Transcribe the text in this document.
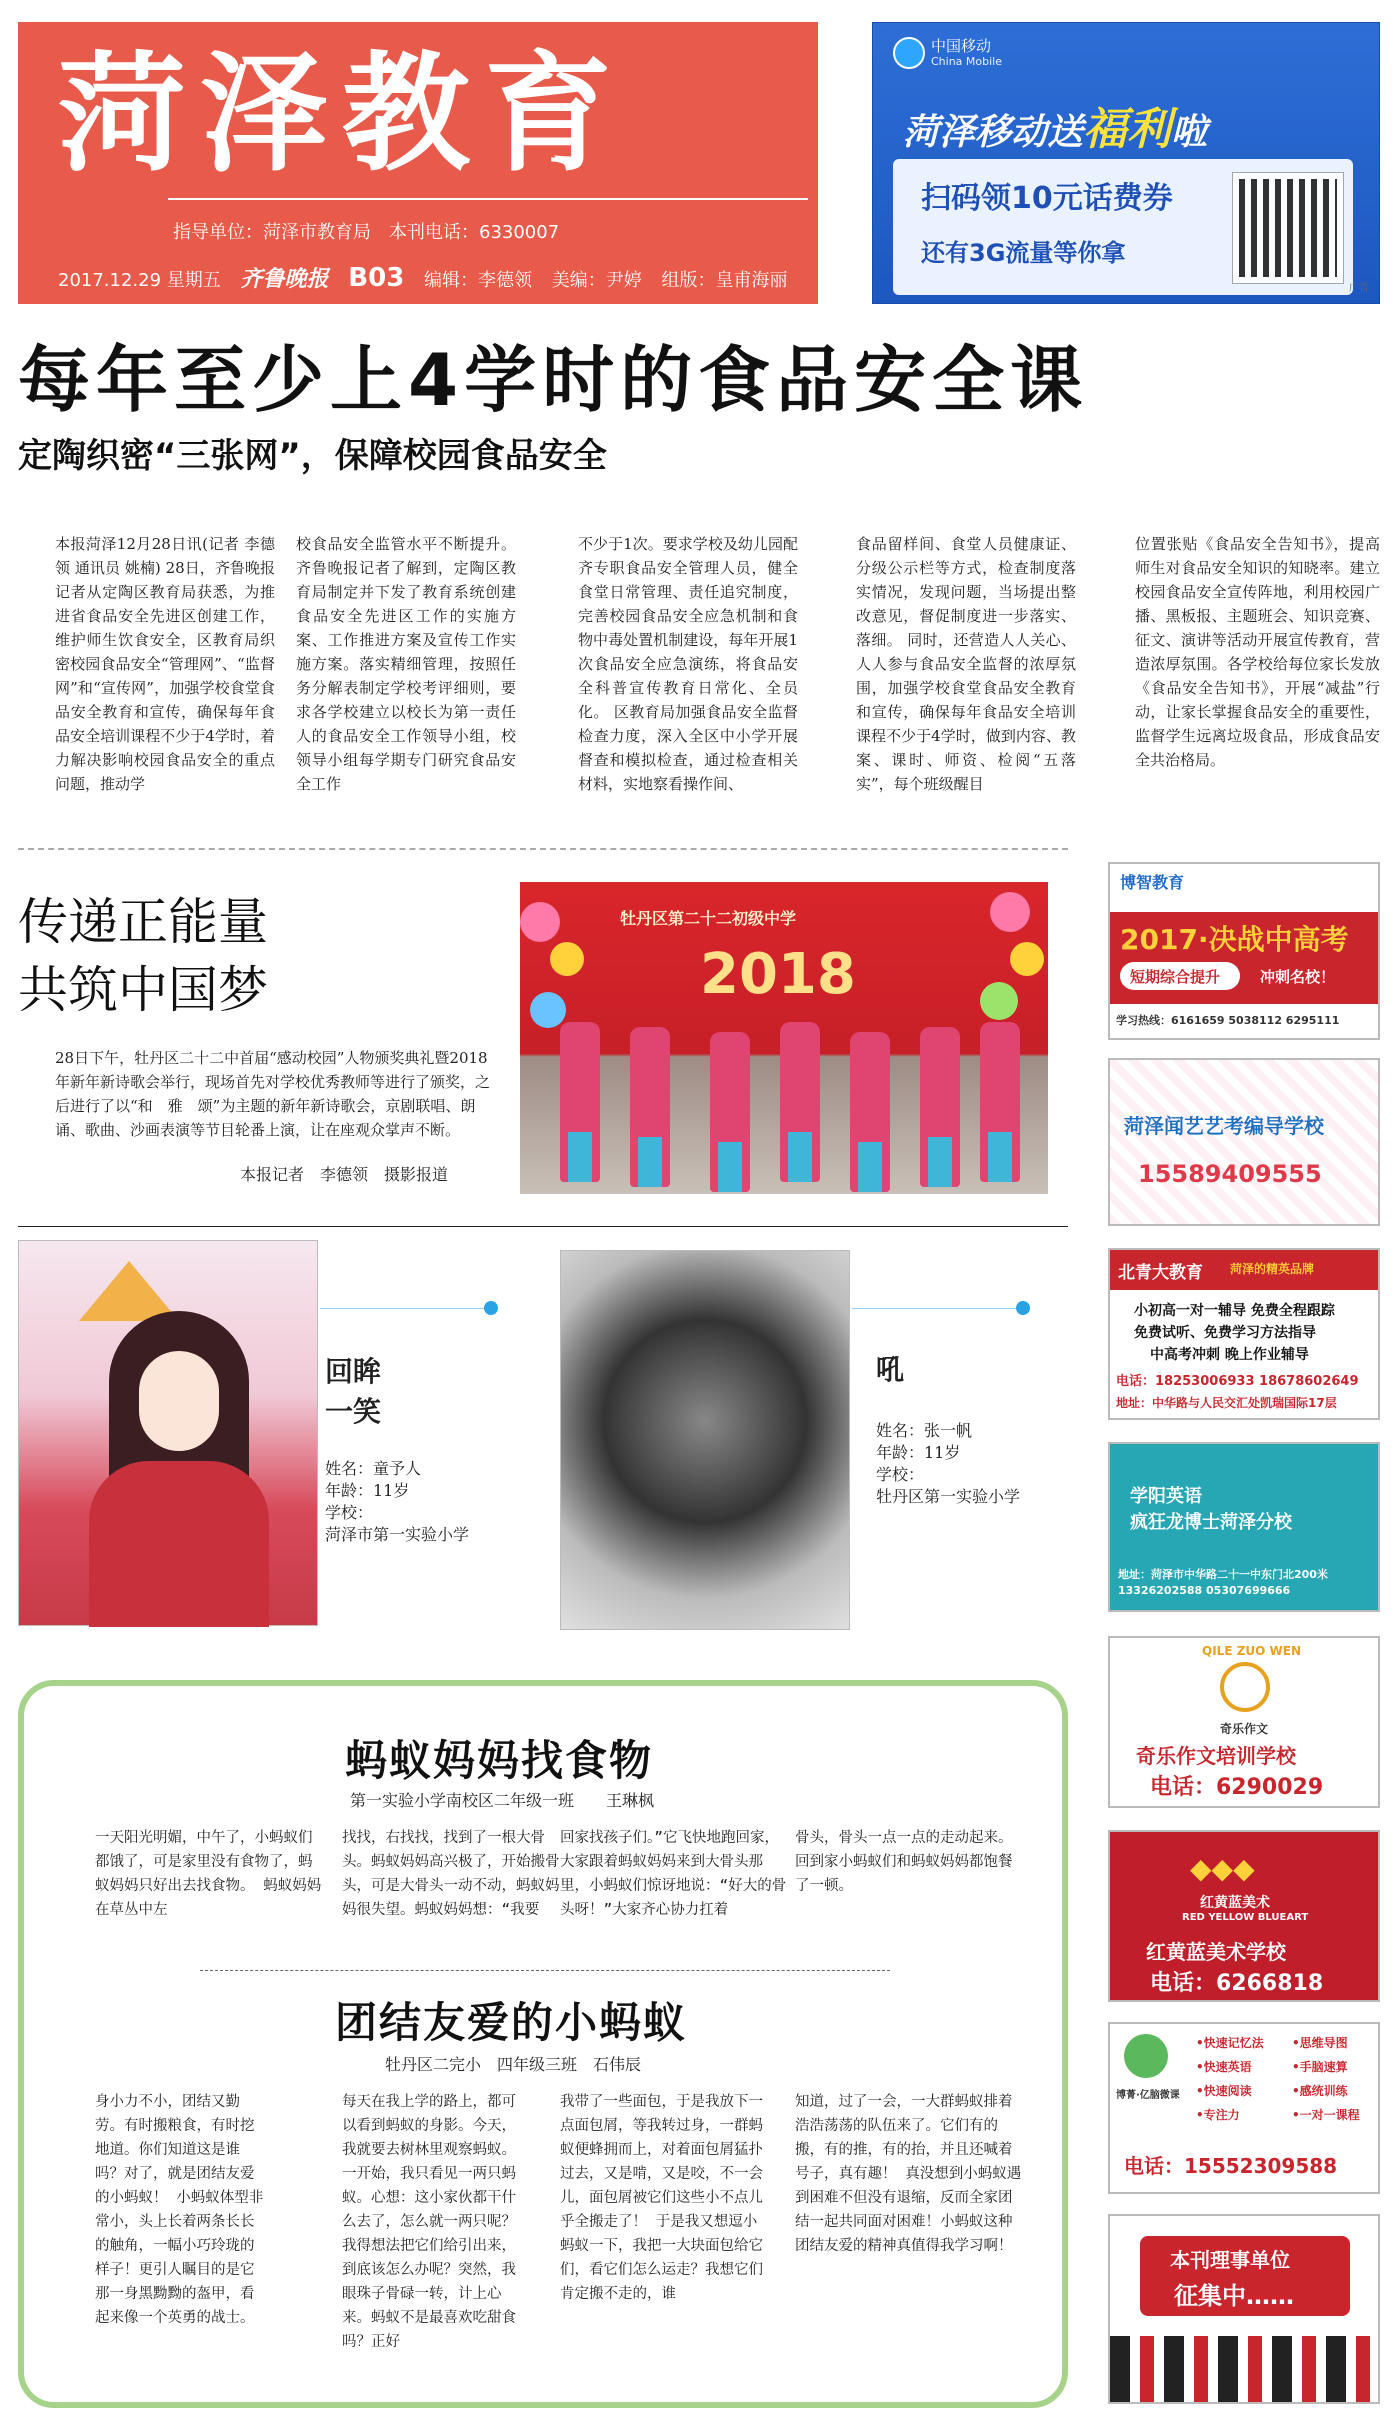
菏泽教育
指导单位：菏泽市教育局　本刊电话：6330007
2017.12.29 星期五 齐鲁晚报 B03 编辑：李德领 美编：尹婷 组版：皇甫海丽
中国移动
China Mobile
菏泽移动送福利啦
扫码领10元话费券
还有3G流量等你拿
广告
每年至少上4学时的食品安全课
定陶织密“三张网”，保障校园食品安全
本报菏泽12月28日讯(记者 李德领 通讯员 姚楠) 28日，齐鲁晚报记者从定陶区教育局获悉，为推进省食品安全先进区创建工作，维护师生饮食安全，区教育局织密校园食品安全“管理网”、“监督网”和“宣传网”，加强学校食堂食品安全教育和宣传，确保每年食品安全培训课程不少于4学时，着力解决影响校园食品安全的重点问题，推动学
校食品安全监管水平不断提升。 齐鲁晚报记者了解到，定陶区教育局制定并下发了教育系统创建食品安全先进区工作的实施方案、工作推进方案及宣传工作实施方案。落实精细管理，按照任务分解表制定学校考评细则，要求各学校建立以校长为第一责任人的食品安全工作领导小组，校领导小组每学期专门研究食品安全工作
不少于1次。要求学校及幼儿园配齐专职食品安全管理人员，健全食堂日常管理、责任追究制度，完善校园食品安全应急机制和食物中毒处置机制建设，每年开展1次食品安全应急演练，将食品安全科普宣传教育日常化、全员化。 区教育局加强食品安全监督检查力度，深入全区中小学开展督查和模拟检查，通过检查相关材料，实地察看操作间、
食品留样间、食堂人员健康证、分级公示栏等方式，检查制度落实情况，发现问题，当场提出整改意见，督促制度进一步落实、落细。 同时，还营造人人关心、人人参与食品安全监督的浓厚氛围，加强学校食堂食品安全教育和宣传，确保每年食品安全培训课程不少于4学时，做到内容、教案、课时、师资、检阅“五落实”，每个班级醒目
位置张贴《食品安全告知书》，提高师生对食品安全知识的知晓率。建立校园食品安全宣传阵地，利用校园广播、黑板报、主题班会、知识竞赛、征文、演讲等活动开展宣传教育，营造浓厚氛围。各学校给每位家长发放《食品安全告知书》，开展“减盐”行动，让家长掌握食品安全的重要性，监督学生远离垃圾食品，形成食品安全共治格局。
传递正能量
共筑中国梦
28日下午，牡丹区二十二中首届“感动校园”人物颁奖典礼暨2018年新年新诗歌会举行，现场首先对学校优秀教师等进行了颁奖，之后进行了以“和　雅　颂”为主题的新年新诗歌会，京剧联唱、朗诵、歌曲、沙画表演等节目轮番上演，让在座观众掌声不断。
本报记者　李德领　摄影报道
牡丹区第二十二初级中学
2018
回眸
一笑
姓名：童予人
年龄：11岁
学校：
菏泽市第一实验小学
吼
姓名：张一帆
年龄：11岁
学校：
牡丹区第一实验小学
蚂蚁妈妈找食物
第一实验小学南校区二年级一班　　王琳枫
一天阳光明媚，中午了，小蚂蚁们都饿了，可是家里没有食物了，蚂蚁妈妈只好出去找食物。 蚂蚁妈妈在草丛中左
找找，右找找，找到了一根大骨头。蚂蚁妈妈高兴极了，开始搬骨头，可是大骨头一动不动，蚂蚁妈妈很失望。蚂蚁妈妈想：“我要
回家找孩子们。”它飞快地跑回家，大家跟着蚂蚁妈妈来到大骨头那里，小蚂蚁们惊讶地说：“好大的骨头呀！”大家齐心协力扛着
骨头，骨头一点一点的走动起来。回到家小蚂蚁们和蚂蚁妈妈都饱餐了一顿。
团结友爱的小蚂蚁
牡丹区二完小　四年级三班　石伟辰
身小力不小，团结又勤劳。有时搬粮食，有时挖地道。你们知道这是谁吗？对了，就是团结友爱的小蚂蚁！ 小蚂蚁体型非常小，头上长着两条长长的触角，一幅小巧玲珑的样子！更引人瞩目的是它那一身黑黝黝的盔甲，看起来像一个英勇的战士。
每天在我上学的路上，都可以看到蚂蚁的身影。今天，我就要去树林里观察蚂蚁。一开始，我只看见一两只蚂蚁。心想：这小家伙都干什么去了，怎么就一两只呢？我得想法把它们给引出来，到底该怎么办呢？突然，我眼珠子骨碌一转，计上心来。蚂蚁不是最喜欢吃甜食吗？正好
我带了一些面包，于是我放下一点面包屑，等我转过身，一群蚂蚁便蜂拥而上，对着面包屑猛扑过去，又是啃，又是咬，不一会儿，面包屑被它们这些小不点儿乎全搬走了！ 于是我又想逗小蚂蚁一下，我把一大块面包给它们，看它们怎么运走？我想它们肯定搬不走的，谁
知道，过了一会，一大群蚂蚁排着浩浩荡荡的队伍来了。它们有的搬，有的推，有的抬，并且还喊着号子，真有趣！ 真没想到小蚂蚁遇到困难不但没有退缩，反而全家团结一起共同面对困难！小蚂蚁这种团结友爱的精神真值得我学习啊！
博智教育
2017·决战中高考
短期综合提升	冲刺名校！
学习热线：6161659 5038112 6295111
菏泽闻艺艺考编导学校
15589409555
北青大教育 菏泽的精英品牌
小初高一对一辅导 免费全程跟踪
免费试听、免费学习方法指导
中高考冲刺 晚上作业辅导
电话：18253006933 18678602649
地址：中华路与人民交汇处凯瑞国际17层
学阳英语
疯狂龙博士菏泽分校
地址：菏泽市中华路二十一中东门北200米
13326202588 05307699666
QILE ZUO WEN
奇乐作文
奇乐作文培训学校
电话：6290029
◆◆◆
红黄蓝美术
RED YELLOW BLUEART
红黄蓝美术学校
电话：6266818
博菁·亿脑微课
•快速记忆法 •思维导图
•快速英语	•手脑速算
•快速阅读	•感统训练
•专注力	•一对一课程
电话：15552309588
本刊理事单位
征集中……
